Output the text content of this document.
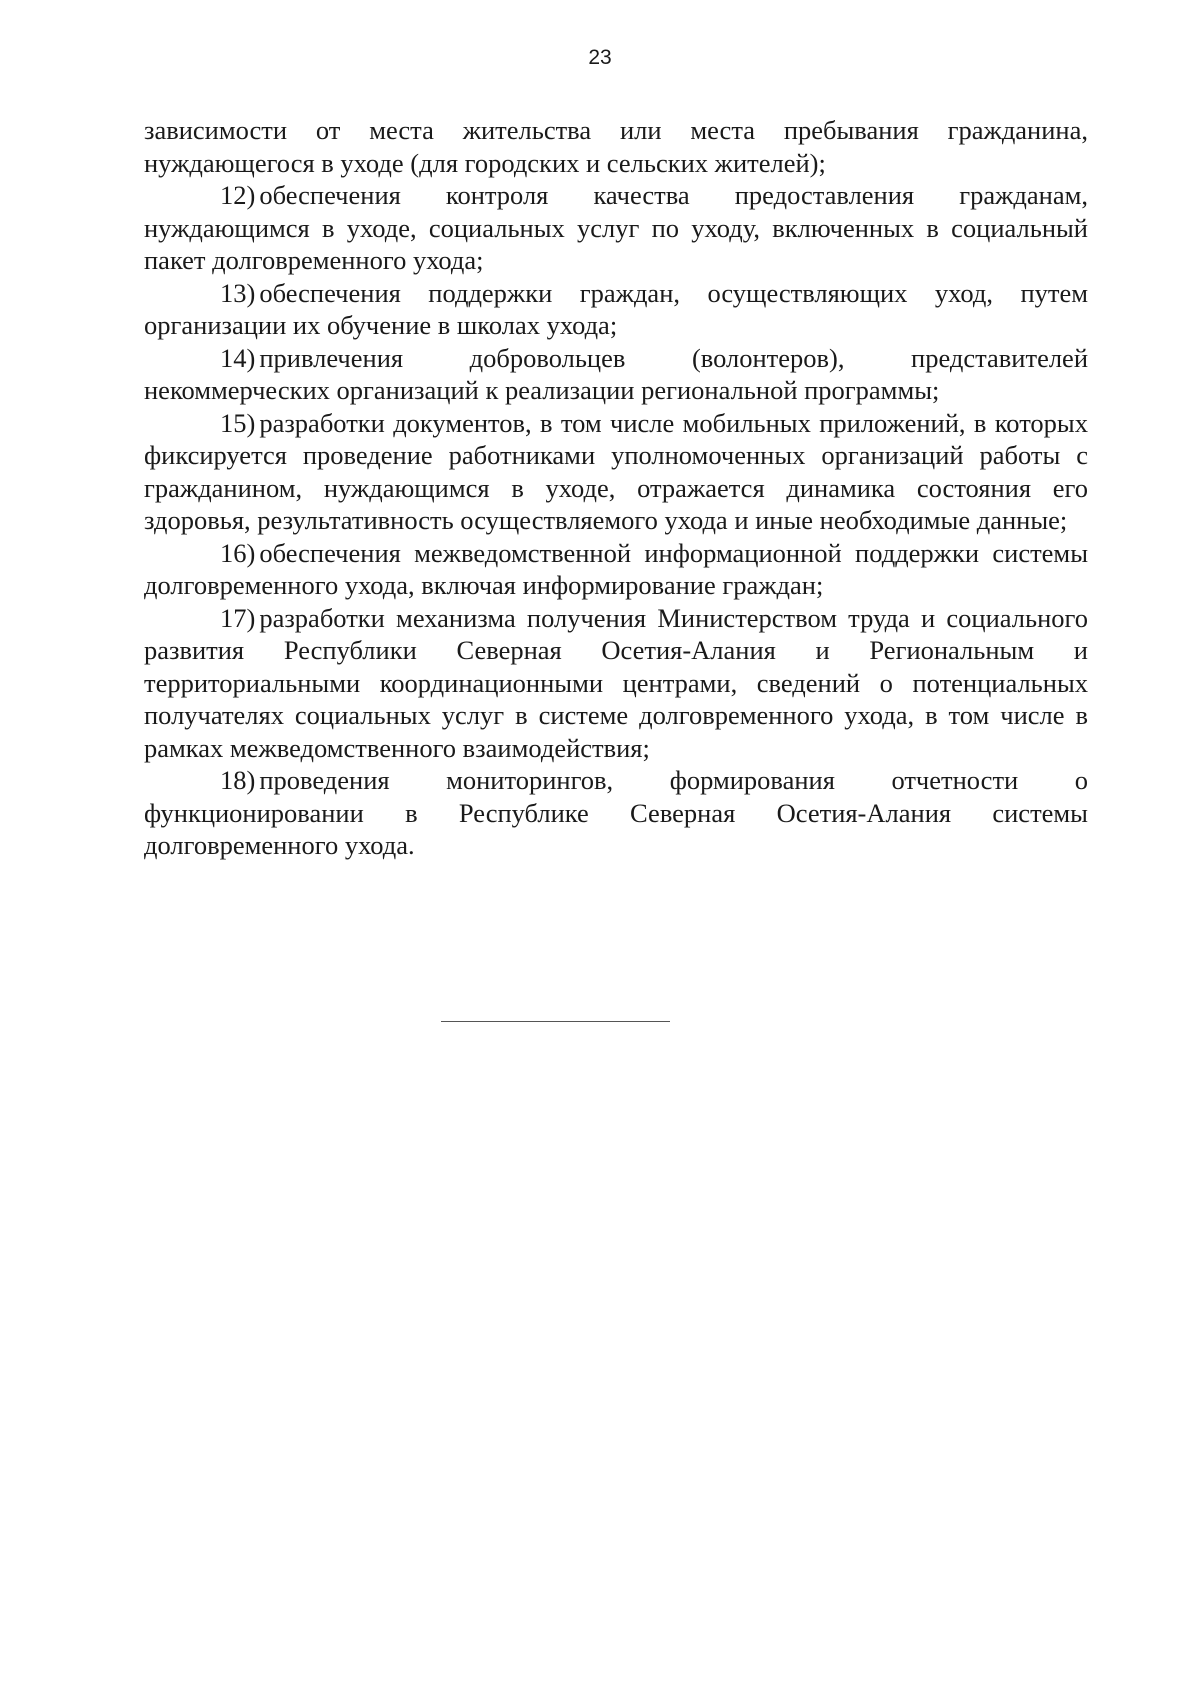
23

зависимости от места жительства или места пребывания гражданина, нуждающегося в уходе (для городских и сельских жителей);

12) обеспечения контроля качества предоставления гражданам, нуждающимся в уходе, социальных услуг по уходу, включенных в социальный пакет долговременного ухода;

13) обеспечения поддержки граждан, осуществляющих уход, путем организации их обучение в школах ухода;

14) привлечения добровольцев (волонтеров), представителей некоммерческих организаций к реализации региональной программы;

15) разработки документов, в том числе мобильных приложений, в которых фиксируется проведение работниками уполномоченных организаций работы с гражданином, нуждающимся в уходе, отражается динамика состояния его здоровья, результативность осуществляемого ухода и иные необходимые данные;

16) обеспечения межведомственной информационной поддержки системы долговременного ухода, включая информирование граждан;

17) разработки механизма получения Министерством труда и социального развития Республики Северная Осетия-Алания и Региональным и территориальными координационными центрами, сведений о потенциальных получателях социальных услуг в системе долговременного ухода, в том числе в рамках межведомственного взаимодействия;

18) проведения мониторингов, формирования отчетности о функционировании в Республике Северная Осетия-Алания системы долговременного ухода.
